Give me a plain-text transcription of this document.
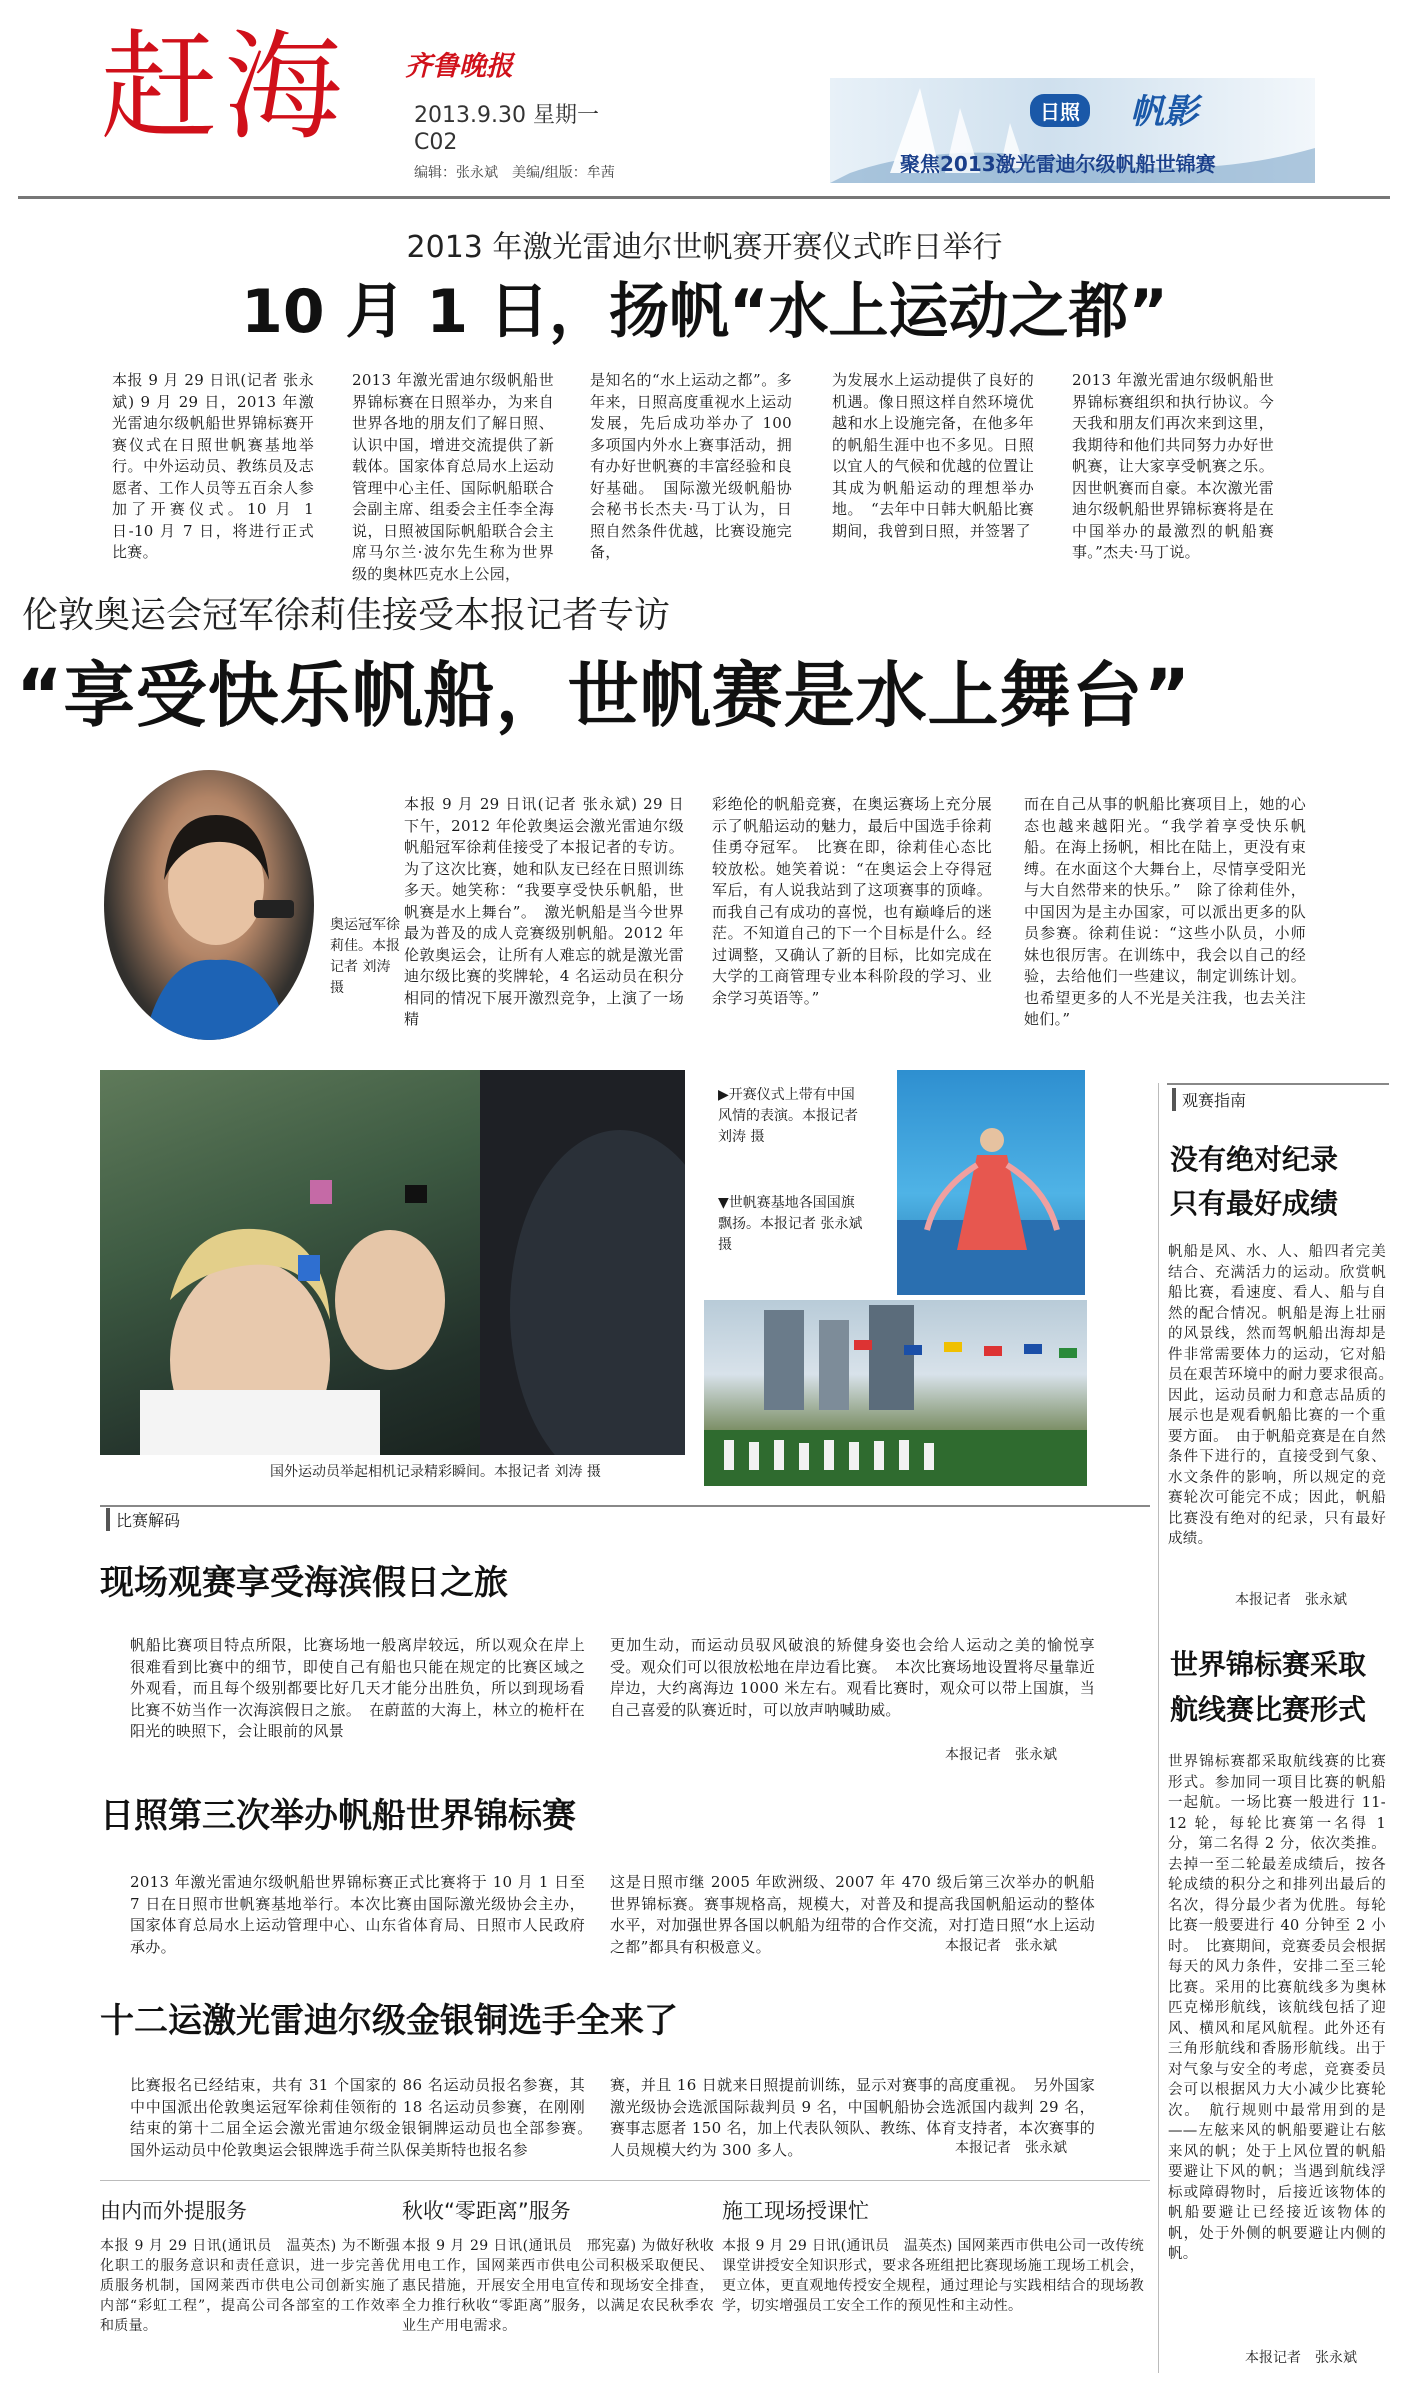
赶海 齐鲁晚报
2013.9.30 星期一
C02
编辑：张永斌　美编/组版：牟茜
日照 帆影
聚焦2013激光雷迪尔级帆船世锦赛
2013 年激光雷迪尔世帆赛开赛仪式昨日举行
10 月 1 日，扬帆“水上运动之都”
本报 9 月 29 日讯(记者 张永斌) 9 月 29 日，2013 年激光雷迪尔级帆船世界锦标赛开赛仪式在日照世帆赛基地举行。中外运动员、教练员及志愿者、工作人员等五百余人参加了开赛仪式。10 月 1 日-10 月 7 日，将进行正式比赛。
2013 年激光雷迪尔级帆船世界锦标赛在日照举办，为来自世界各地的朋友们了解日照、认识中国，增进交流提供了新载体。国家体育总局水上运动管理中心主任、国际帆船联合会副主席、组委会主任李全海说，日照被国际帆船联合会主席马尔兰·波尔先生称为世界级的奥林匹克水上公园，
是知名的“水上运动之都”。多年来，日照高度重视水上运动发展，先后成功举办了 100 多项国内外水上赛事活动，拥有办好世帆赛的丰富经验和良好基础。　国际激光级帆船协会秘书长杰夫·马丁认为，日照自然条件优越，比赛设施完备，
为发展水上运动提供了良好的机遇。像日照这样自然环境优越和水上设施完备，在他多年的帆船生涯中也不多见。日照以宜人的气候和优越的位置让其成为帆船运动的理想举办地。　“去年中日韩大帆船比赛期间，我曾到日照，并签署了
2013 年激光雷迪尔级帆船世界锦标赛组织和执行协议。今天我和朋友们再次来到这里，我期待和他们共同努力办好世帆赛，让大家享受帆赛之乐。因世帆赛而自豪。本次激光雷迪尔级帆船世界锦标赛将是在中国举办的最激烈的帆船赛事。”杰夫·马丁说。
伦敦奥运会冠军徐莉佳接受本报记者专访
“享受快乐帆船，世帆赛是水上舞台”
奥运冠军徐莉佳。本报记者 刘涛 摄
本报 9 月 29 日讯(记者 张永斌) 29 日下午，2012 年伦敦奥运会激光雷迪尔级帆船冠军徐莉佳接受了本报记者的专访。为了这次比赛，她和队友已经在日照训练多天。她笑称：“我要享受快乐帆船，世帆赛是水上舞台”。　激光帆船是当今世界最为普及的成人竞赛级别帆船。2012 年伦敦奥运会，让所有人难忘的就是激光雷迪尔级比赛的奖牌轮，4 名运动员在积分相同的情况下展开激烈竞争，上演了一场精
彩绝伦的帆船竞赛，在奥运赛场上充分展示了帆船运动的魅力，最后中国选手徐莉佳勇夺冠军。　比赛在即，徐莉佳心态比较放松。她笑着说：“在奥运会上夺得冠军后，有人说我站到了这项赛事的顶峰。而我自己有成功的喜悦，也有巅峰后的迷茫。不知道自己的下一个目标是什么。经过调整，又确认了新的目标，比如完成在大学的工商管理专业本科阶段的学习、业余学习英语等。”
而在自己从事的帆船比赛项目上，她的心态也越来越阳光。“我学着享受快乐帆船。在海上扬帆，相比在陆上，更没有束缚。在水面这个大舞台上，尽情享受阳光与大自然带来的快乐。”　除了徐莉佳外，中国因为是主办国家，可以派出更多的队员参赛。徐莉佳说：“这些小队员，小师妹也很厉害。在训练中，我会以自己的经验，去给他们一些建议，制定训练计划。也希望更多的人不光是关注我，也去关注她们。”
国外运动员举起相机记录精彩瞬间。本报记者 刘涛 摄
▶开赛仪式上带有中国风情的表演。本报记者 刘涛 摄
▼世帆赛基地各国国旗飘扬。本报记者 张永斌 摄
观赛指南
没有绝对纪录
只有最好成绩
帆船是风、水、人、船四者完美结合、充满活力的运动。欣赏帆船比赛，看速度、看人、船与自然的配合情况。帆船是海上壮丽的风景线，然而驾帆船出海却是件非常需要体力的运动，它对船员在艰苦环境中的耐力要求很高。　因此，运动员耐力和意志品质的展示也是观看帆船比赛的一个重要方面。　由于帆船竞赛是在自然条件下进行的，直接受到气象、水文条件的影响，所以规定的竞赛轮次可能完不成；因此，帆船比赛没有绝对的纪录，只有最好成绩。
本报记者　张永斌
世界锦标赛采取
航线赛比赛形式
世界锦标赛都采取航线赛的比赛形式。参加同一项目比赛的帆船一起航。一场比赛一般进行 11-12 轮，每轮比赛第一名得 1 分，第二名得 2 分，依次类推。去掉一至二轮最差成绩后，按各轮成绩的积分之和排列出最后的名次，得分最少者为优胜。每轮比赛一般要进行 40 分钟至 2 小时。　比赛期间，竞赛委员会根据每天的风力条件，安排二至三轮比赛。采用的比赛航线多为奥林匹克梯形航线，该航线包括了迎风、横风和尾风航程。此外还有三角形航线和香肠形航线。出于对气象与安全的考虑，竞赛委员会可以根据风力大小减少比赛轮次。　航行规则中最常用到的是——左舷来风的帆船要避让右舷来风的帆；处于上风位置的帆船要避让下风的帆；当遇到航线浮标或障碍物时，后接近该物体的帆船要避让已经接近该物体的帆，处于外侧的帆要避让内侧的帆。
本报记者　张永斌
比赛解码
现场观赛享受海滨假日之旅
帆船比赛项目特点所限，比赛场地一般离岸较远，所以观众在岸上很难看到比赛中的细节，即使自己有船也只能在规定的比赛区域之外观看，而且每个级别都要比好几天才能分出胜负，所以到现场看比赛不妨当作一次海滨假日之旅。　在蔚蓝的大海上，林立的桅杆在阳光的映照下，会让眼前的风景
更加生动，而运动员驭风破浪的矫健身姿也会给人运动之美的愉悦享受。观众们可以很放松地在岸边看比赛。　本次比赛场地设置将尽量靠近岸边，大约离海边 1000 米左右。观看比赛时，观众可以带上国旗，当自己喜爱的队赛近时，可以放声呐喊助威。
本报记者　张永斌
日照第三次举办帆船世界锦标赛
2013 年激光雷迪尔级帆船世界锦标赛正式比赛将于 10 月 1 日至 7 日在日照市世帆赛基地举行。本次比赛由国际激光级协会主办，国家体育总局水上运动管理中心、山东省体育局、日照市人民政府承办。
这是日照市继 2005 年欧洲级、2007 年 470 级后第三次举办的帆船世界锦标赛。赛事规格高，规模大，对普及和提高我国帆船运动的整体水平，对加强世界各国以帆船为纽带的合作交流，对打造日照“水上运动之都”都具有积极意义。	本报记者　张永斌
十二运激光雷迪尔级金银铜选手全来了
比赛报名已经结束，共有 31 个国家的 86 名运动员报名参赛，其中中国派出伦敦奥运冠军徐莉佳领衔的 18 名运动员参赛，在刚刚结束的第十二届全运会激光雷迪尔级金银铜牌运动员也全部参赛。　国外运动员中伦敦奥运会银牌选手荷兰队保美斯特也报名参
赛，并且 16 日就来日照提前训练，显示对赛事的高度重视。　另外国家激光级协会选派国际裁判员 9 名，中国帆船协会选派国内裁判 29 名，赛事志愿者 150 名，加上代表队领队、教练、体育支持者，本次赛事的人员规模大约为 300 多人。	本报记者　张永斌
由内而外提服务
本报 9 月 29 日讯(通讯员　温英杰) 为不断强化职工的服务意识和责任意识，进一步完善优质服务机制，国网莱西市供电公司创新实施了内部“彩虹工程”，提高公司各部室的工作效率和质量。
秋收“零距离”服务
本报 9 月 29 日讯(通讯员　邢宪嘉) 为做好秋收用电工作，国网莱西市供电公司积极采取便民、惠民措施，开展安全用电宣传和现场安全排查，全力推行秋收“零距离”服务，以满足农民秋季农业生产用电需求。
施工现场授课忙
本报 9 月 29 日讯(通讯员　温英杰) 国网莱西市供电公司一改传统课堂讲授安全知识形式，要求各班组把比赛现场施工现场工机会，更立体，更直观地传授安全规程，通过理论与实践相结合的现场教学，切实增强员工安全工作的预见性和主动性。
